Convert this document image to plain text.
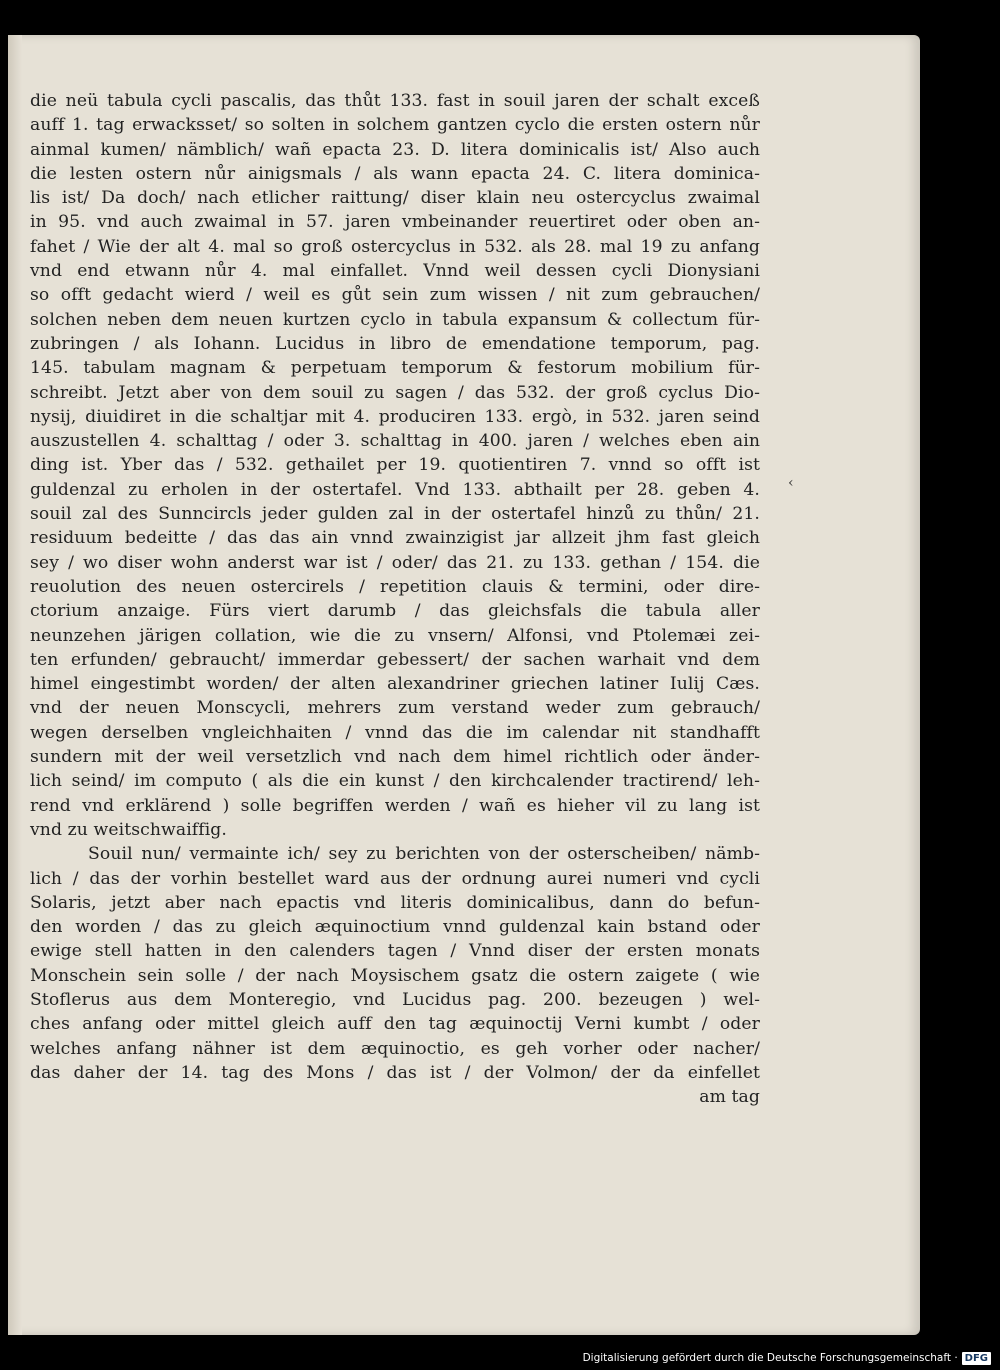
die neü tabula cycli pascalis, das thůt 133. fast in souil jaren der schalt exceß
auff 1. tag erwacksset/ so solten in solchem gantzen cyclo die ersten ostern nůr
ainmal kumen/ nämblich/ wañ epacta 23. D. litera dominicalis ist/ Also auch
die lesten ostern nůr ainigsmals / als wann epacta 24. C. litera dominica-
lis ist/ Da doch/ nach etlicher raittung/ diser klain neu ostercyclus zwaimal
in 95. vnd auch zwaimal in 57. jaren vmbeinander reuertiret oder oben an-
fahet / Wie der alt 4. mal so groß ostercyclus in 532. als 28. mal 19 zu anfang
vnd end etwann nůr 4. mal einfallet. Vnnd weil dessen cycli Dionysiani
so offt gedacht wierd / weil es gůt sein zum wissen / nit zum gebrauchen/
solchen neben dem neuen kurtzen cyclo in tabula expansum & collectum für-
zubringen / als Iohann. Lucidus in libro de emendatione temporum, pag.
145. tabulam magnam & perpetuam temporum & festorum mobilium für-
schreibt. Jetzt aber von dem souil zu sagen / das 532. der groß cyclus Dio-
nysij, diuidiret in die schaltjar mit 4. produciren 133. ergò, in 532. jaren seind
auszustellen 4. schalttag / oder 3. schalttag in 400. jaren / welches eben ain
ding ist. Yber das / 532. gethailet per 19. quotientiren 7. vnnd so offt ist
guldenzal zu erholen in der ostertafel. Vnd 133. abthailt per 28. geben 4.
souil zal des Sunncircls jeder gulden zal in der ostertafel hinzů zu thůn/ 21.
residuum bedeitte / das das ain vnnd zwainzigist jar allzeit jhm fast gleich
sey / wo diser wohn anderst war ist / oder/ das 21. zu 133. gethan / 154. die
reuolution des neuen ostercirels / repetition clauis & termini, oder dire-
ctorium anzaige. Fürs viert darumb / das gleichsfals die tabula aller
neunzehen järigen collation, wie die zu vnsern/ Alfonsi, vnd Ptolemæi zei-
ten erfunden/ gebraucht/ immerdar gebessert/ der sachen warhait vnd dem
himel eingestimbt worden/ der alten alexandriner griechen latiner Iulij Cæs.
vnd der neuen Monscycli, mehrers zum verstand weder zum gebrauch/
wegen derselben vngleichhaiten / vnnd das die im calendar nit standhafft
sundern mit der weil versetzlich vnd nach dem himel richtlich oder änder-
lich seind/ im computo ( als die ein kunst / den kirchcalender tractirend/ leh-
rend vnd erklärend ) solle begriffen werden / wañ es hieher vil zu lang ist
vnd zu weitschwaiffig.
Souil nun/ vermainte ich/ sey zu berichten von der osterscheiben/ nämb-
lich / das der vorhin bestellet ward aus der ordnung aurei numeri vnd cycli
Solaris, jetzt aber nach epactis vnd literis dominicalibus, dann do befun-
den worden / das zu gleich æquinoctium vnnd guldenzal kain bstand oder
ewige stell hatten in den calenders tagen / Vnnd diser der ersten monats
Monschein sein solle / der nach Moysischem gsatz die ostern zaigete ( wie
Stoflerus aus dem Monteregio, vnd Lucidus pag. 200. bezeugen ) wel-
ches anfang oder mittel gleich auff den tag æquinoctij Verni kumbt / oder
welches anfang nähner ist dem æquinoctio, es geh vorher oder nacher/
das daher der 14. tag des Mons / das ist / der Volmon/ der da einfellet
am tag
‹
Digitalisierung gefördert durch die Deutsche Forschungsgemeinschaft · DFG
